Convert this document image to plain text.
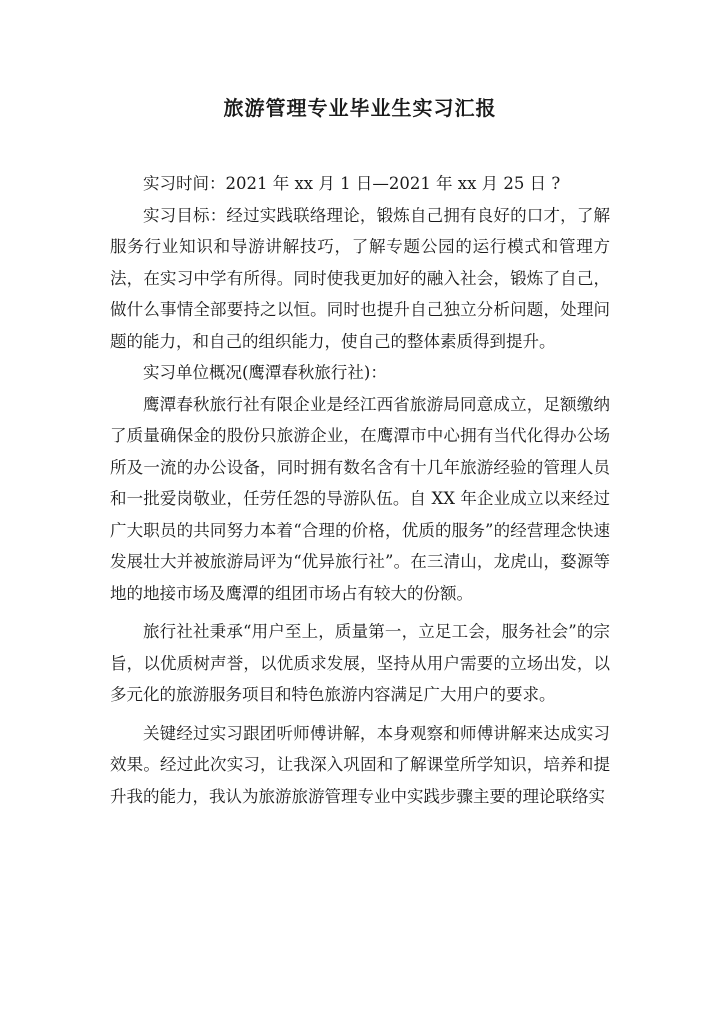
旅游管理专业毕业生实习汇报

实习时间：2021 年 xx 月 1 日—2021 年 xx 月 25 日 ?

实习目标：经过实践联络理论，锻炼自己拥有良好的口才，了解服务行业知识和导游讲解技巧，了解专题公园的运行模式和管理方法，在实习中学有所得。同时使我更加好的融入社会，锻炼了自己，做什么事情全部要持之以恒。同时也提升自己独立分析问题，处理问题的能力，和自己的组织能力，使自己的整体素质得到提升。

实习单位概况(鹰潭春秋旅行社)：

鹰潭春秋旅行社有限企业是经江西省旅游局同意成立，足额缴纳了质量确保金的股份只旅游企业，在鹰潭市中心拥有当代化得办公场所及一流的办公设备，同时拥有数名含有十几年旅游经验的管理人员和一批爱岗敬业，任劳任怨的导游队伍。自 XX 年企业成立以来经过广大职员的共同努力本着“合理的价格，优质的服务”的经营理念快速发展壮大并被旅游局评为“优异旅行社”。在三清山，龙虎山，婺源等地的地接市场及鹰潭的组团市场占有较大的份额。

旅行社社秉承“用户至上，质量第一，立足工会，服务社会”的宗旨，以优质树声誉，以优质求发展，坚持从用户需要的立场出发，以多元化的旅游服务项目和特色旅游内容满足广大用户的要求。

关键经过实习跟团听师傅讲解，本身观察和师傅讲解来达成实习效果。经过此次实习，让我深入巩固和了解课堂所学知识，培养和提升我的能力，我认为旅游旅游管理专业中实践步骤主要的理论联络实
